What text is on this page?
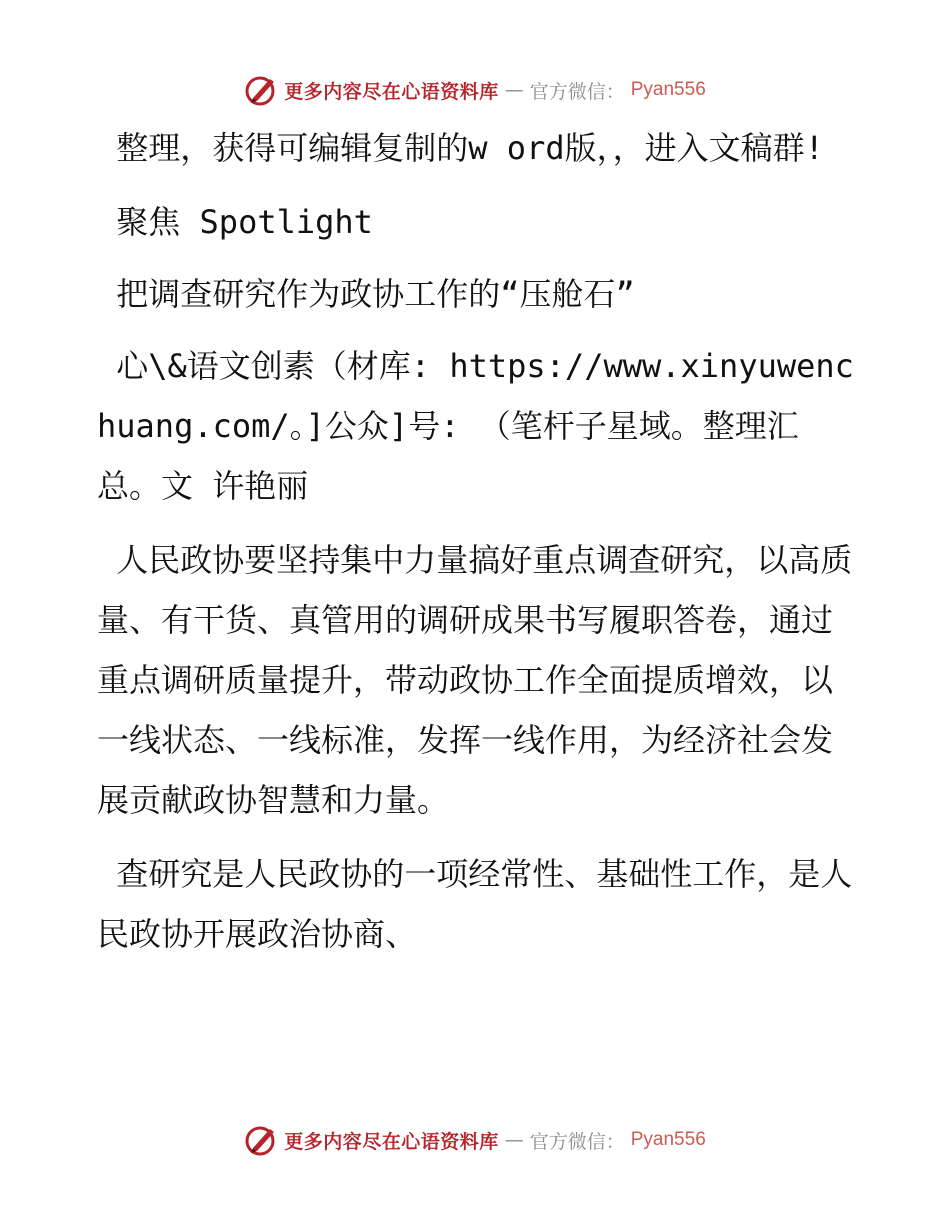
更多内容尽在心语资料库 — 官方微信： Pyan556

整理，获得可编辑复制的w ord版，，进入文稿群!

聚焦 Spotlight

把调查研究作为政协工作的“压舱石”

心\&语文创素（材库: https://www.xinyuwenchuang.com/。]公众]号: （笔杆子星域。整理汇总。文 许艳丽

人民政协要坚持集中力量搞好重点调查研究，以高质量、有干货、真管用的调研成果书写履职答卷，通过重点调研质量提升，带动政协工作全面提质增效，以一线状态、一线标准，发挥一线作用，为经济社会发展贡献政协智慧和力量。

查研究是人民政协的一项经常性、基础性工作，是人民政协开展政治协商、

更多内容尽在心语资料库 — 官方微信： Pyan556
